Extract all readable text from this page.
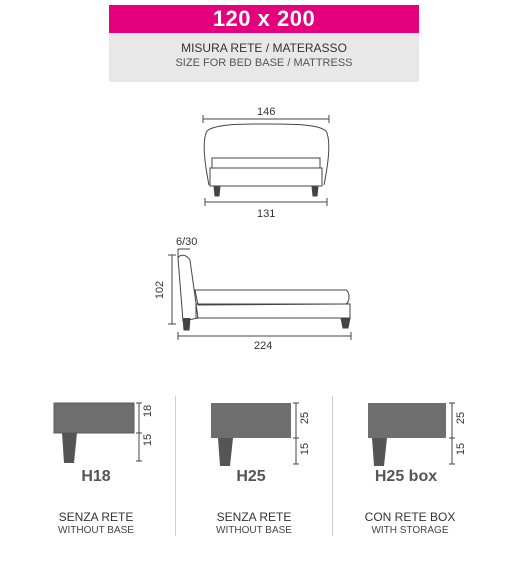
120 x 200
MISURA RETE / MATERASSO
SIZE FOR BED BASE / MATTRESS
146
131
6/30
102
224
18
15
H18
SENZA RETE
WITHOUT BASE
25
15
H25
SENZA RETE
WITHOUT BASE
25
15
H25 box
CON RETE BOX
WITH STORAGE
